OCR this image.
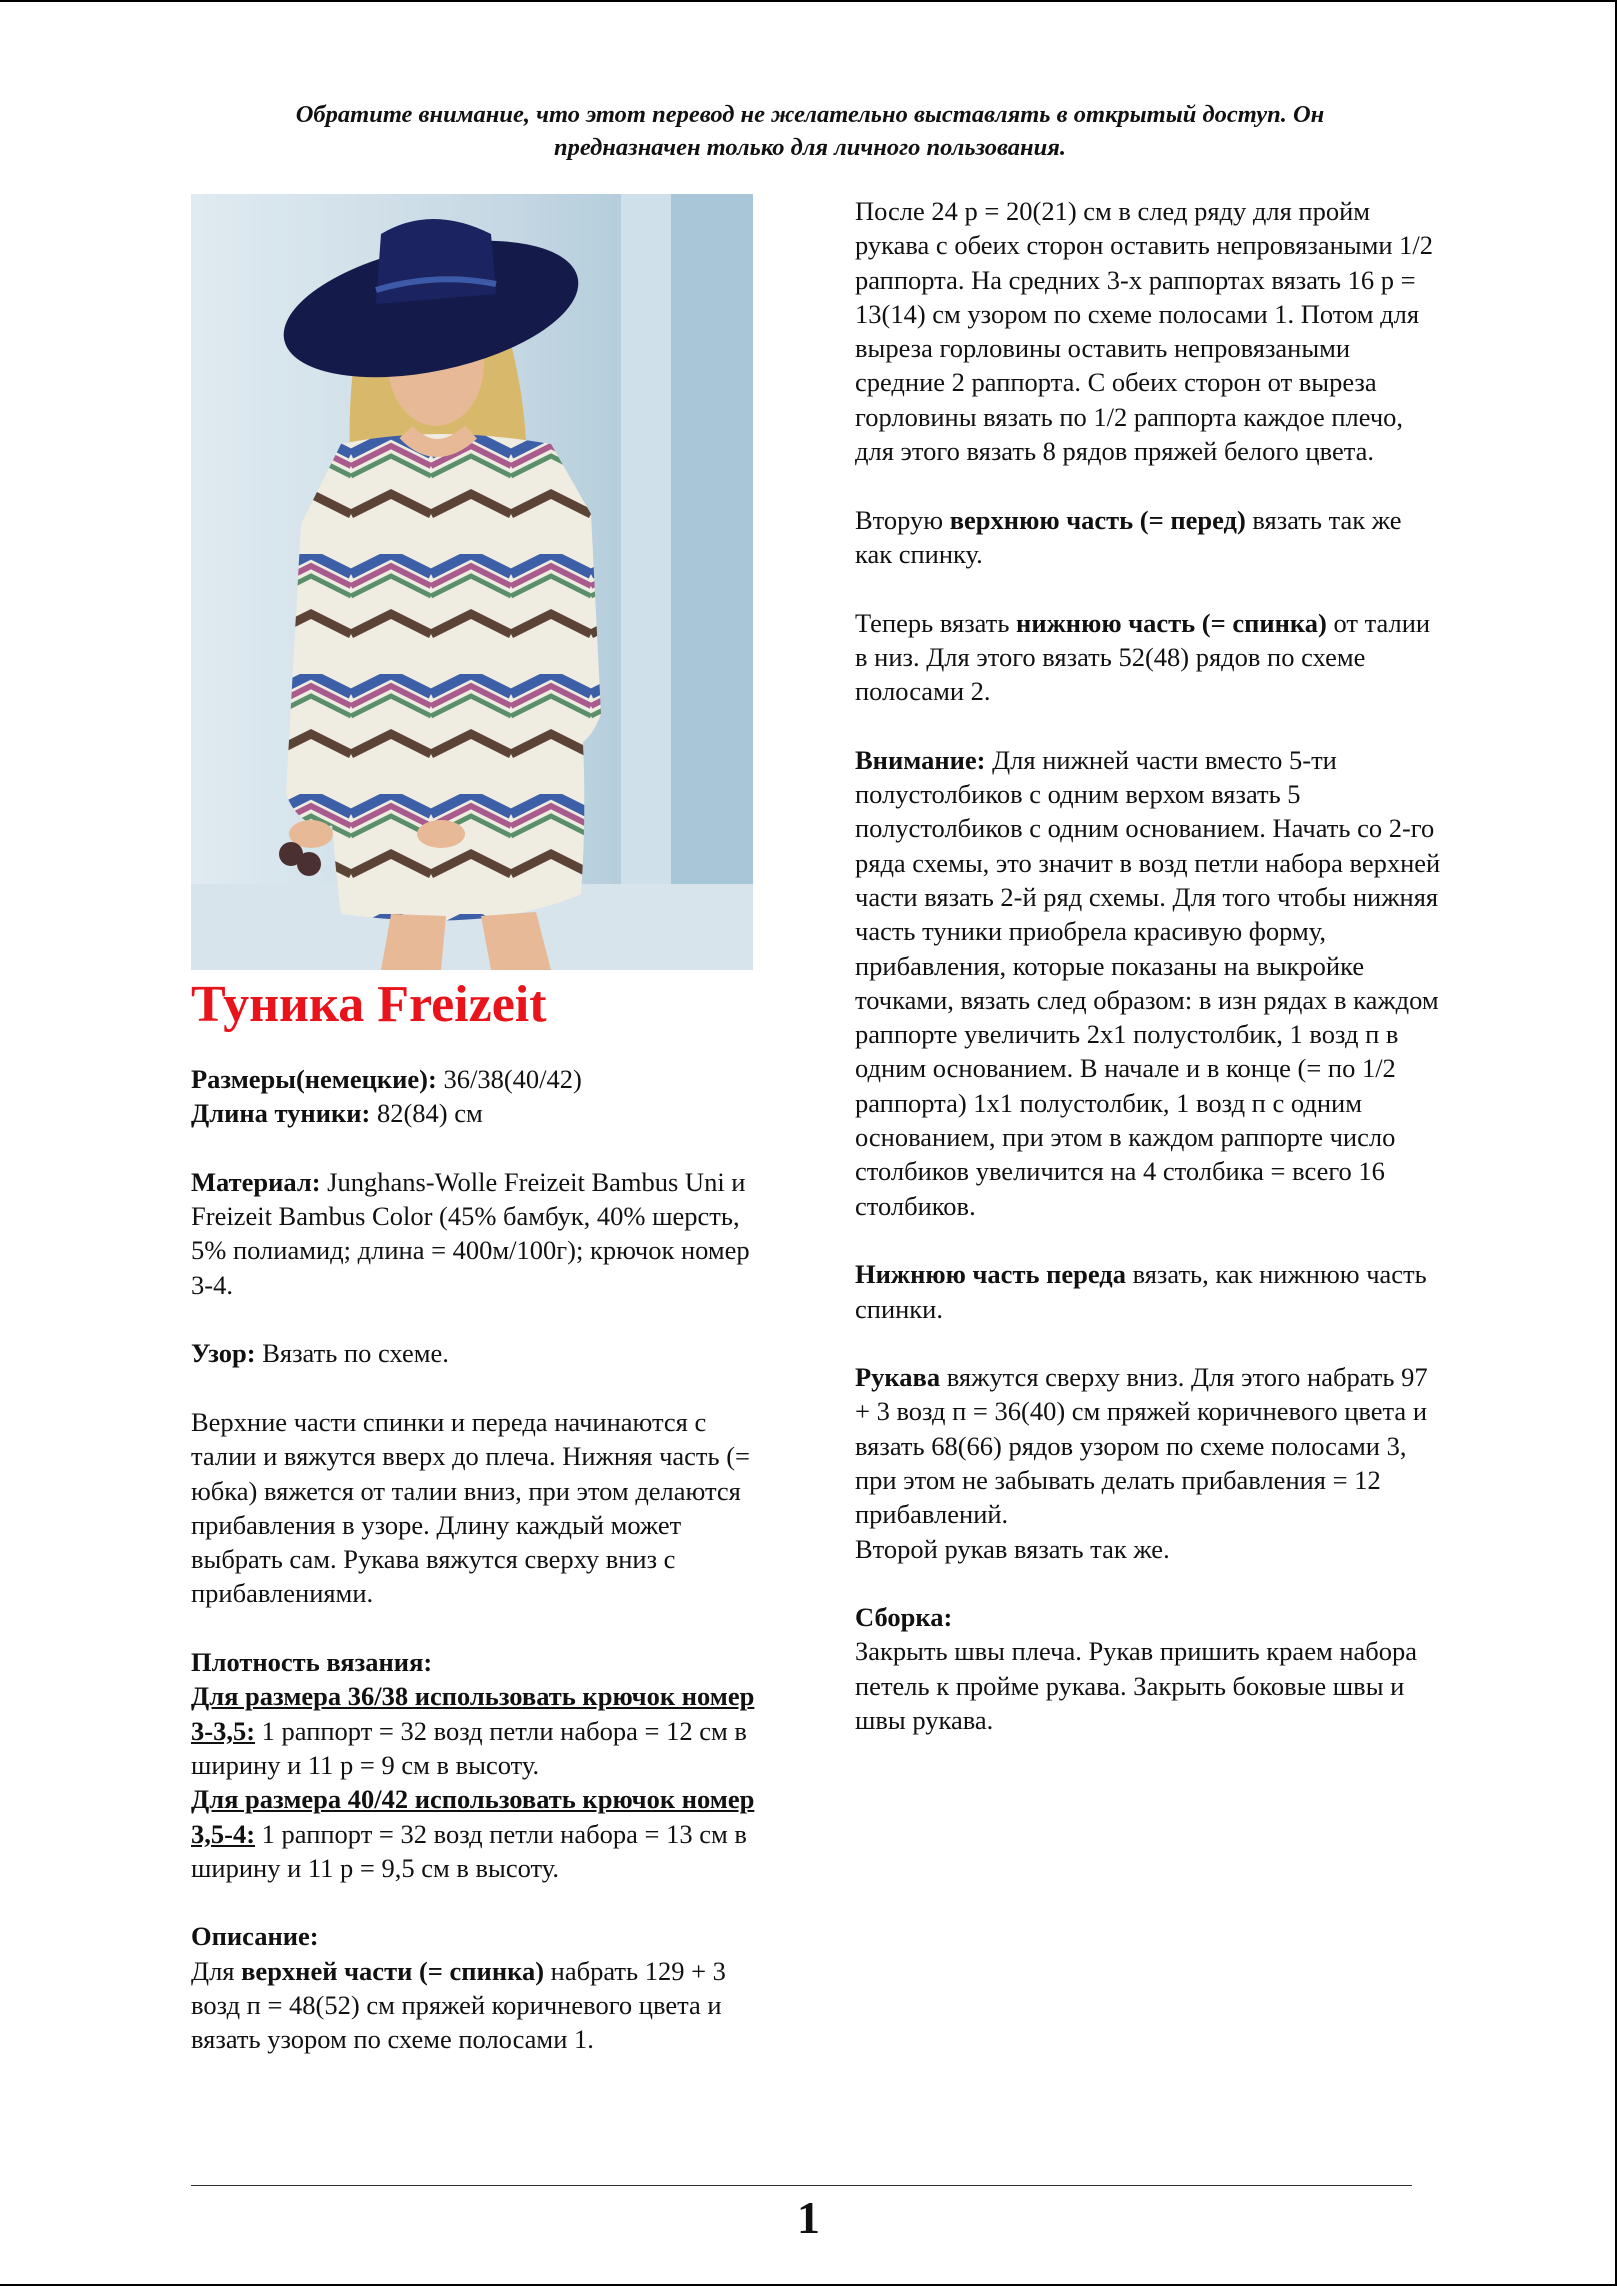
Обратите внимание, что этот перевод не желательно выставлять в открытый доступ. Он
предназначен только для личного пользования.
Туника Freizeit

Размеры(немецкие): 36/38(40/42)

Длина туники: 82(84) см

Материал: Junghans-Wolle Freizeit Bambus Uni и Freizeit Bambus Color (45% бамбук, 40% шерсть, 5% полиамид; длина = 400м/100г); крючок номер 3-4.

Узор: Вязать по схеме.

Верхние части спинки и переда начинаются с талии и вяжутся вверх до плеча. Нижняя часть (= юбка) вяжется от талии вниз, при этом делаются прибавления в узоре. Длину каждый может выбрать сам. Рукава вяжутся сверху вниз с прибавлениями.

Плотность вязания:

Для размера 36/38 использовать крючок номер 3-3,5: 1 раппорт = 32 возд петли набора = 12 см в ширину и 11 р = 9 см в высоту.

Для размера 40/42 использовать крючок номер 3,5-4: 1 раппорт = 32 возд петли набора = 13 см в ширину и 11 р = 9,5 см в высоту.

Описание:

Для верхней части (= спинка) набрать 129 + 3 возд п = 48(52) см пряжей коричневого цвета и вязать узором по схеме полосами 1.

После 24 р = 20(21) см в след ряду для пройм рукава с обеих сторон оставить непровязаными 1/2 раппорта. На средних 3-х раппортах вязать 16 р = 13(14) см узором по схеме полосами 1. Потом для выреза горловины оставить непровязаными средние 2 раппорта. С обеих сторон от выреза горловины вязать по 1/2 раппорта каждое плечо, для этого вязать 8 рядов пряжей белого цвета.

Вторую верхнюю часть (= перед) вязать так же как спинку.

Теперь вязать нижнюю часть (= спинка) от талии в низ. Для этого вязать 52(48) рядов по схеме полосами 2.

Внимание: Для нижней части вместо 5-ти полустолбиков с одним верхом вязать 5 полустолбиков с одним основанием. Начать со 2-го ряда схемы, это значит в возд петли набора верхней части вязать 2-й ряд схемы. Для того чтобы нижняя часть туники приобрела красивую форму, прибавления, которые показаны на выкройке точками, вязать след образом: в изн рядах в каждом раппорте увеличить 2х1 полустолбик, 1 возд п в одним основанием. В начале и в конце (= по 1/2 раппорта) 1х1 полустолбик, 1 возд п с одним основанием, при этом в каждом раппорте число столбиков увеличится на 4 столбика = всего 16 столбиков.

Нижнюю часть переда вязать, как нижнюю часть спинки.

Рукава вяжутся сверху вниз. Для этого набрать 97 + 3 возд п = 36(40) см пряжей коричневого цвета и вязать 68(66) рядов узором по схеме полосами 3, при этом не забывать делать прибавления = 12 прибавлений.

Второй рукав вязать так же.

Сборка:

Закрыть швы плеча. Рукав пришить краем набора петель к пройме рукава. Закрыть боковые швы и швы рукава.

1
